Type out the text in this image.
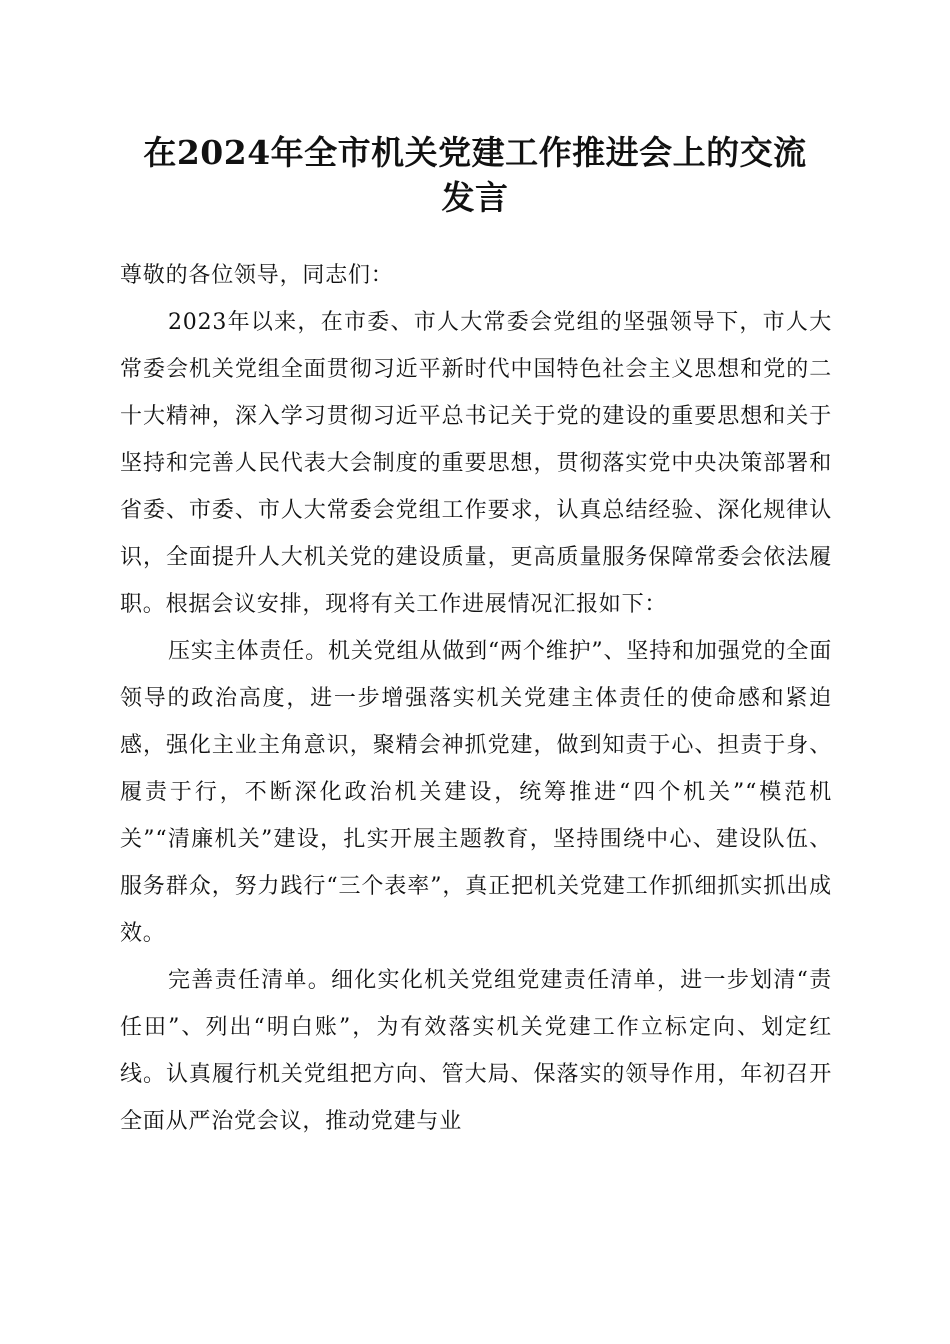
在2024年全市机关党建工作推进会上的交流
发言

尊敬的各位领导，同志们：

2023年以来，在市委、市人大常委会党组的坚强领导下，市人大常委会机关党组全面贯彻习近平新时代中国特色社会主义思想和党的二十大精神，深入学习贯彻习近平总书记关于党的建设的重要思想和关于坚持和完善人民代表大会制度的重要思想，贯彻落实党中央决策部署和省委、市委、市人大常委会党组工作要求，认真总结经验、深化规律认识，全面提升人大机关党的建设质量，更高质量服务保障常委会依法履职。根据会议安排，现将有关工作进展情况汇报如下：

压实主体责任。机关党组从做到“两个维护”、坚持和加强党的全面领导的政治高度，进一步增强落实机关党建主体责任的使命感和紧迫感，强化主业主角意识，聚精会神抓党建，做到知责于心、担责于身、履责于行，不断深化政治机关建设，统筹推进“四个机关”“模范机关”“清廉机关”建设，扎实开展主题教育，坚持围绕中心、建设队伍、服务群众，努力践行“三个表率”，真正把机关党建工作抓细抓实抓出成效。

完善责任清单。细化实化机关党组党建责任清单，进一步划清“责任田”、列出“明白账”，为有效落实机关党建工作立标定向、划定红线。认真履行机关党组把方向、管大局、保落实的领导作用，年初召开全面从严治党会议，推动党建与业
